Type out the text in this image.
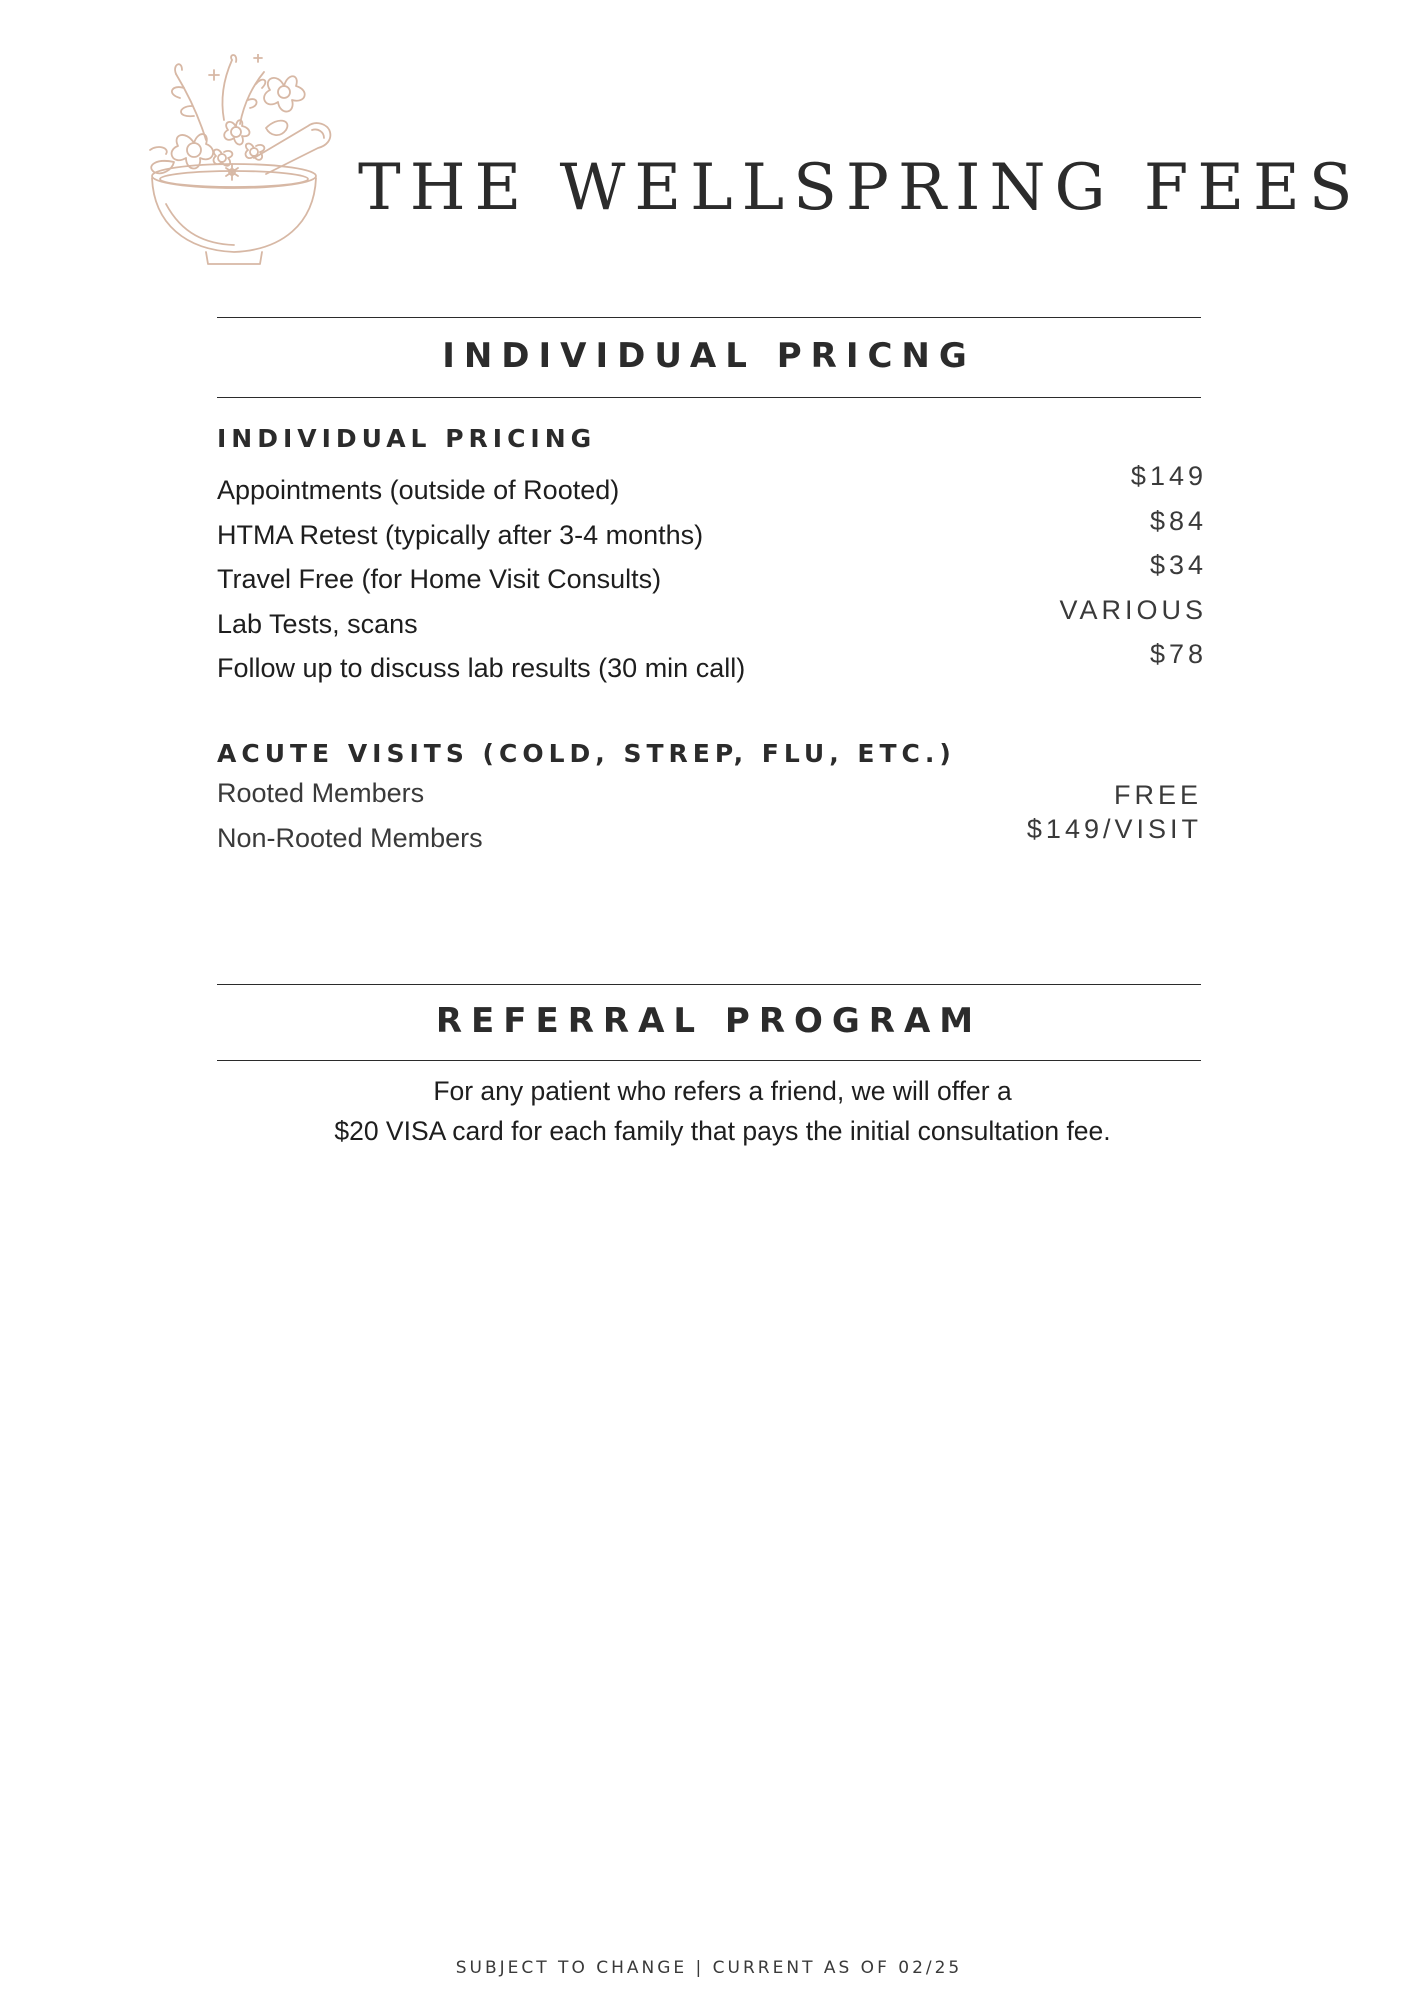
THE WELLSPRING FEES
INDIVIDUAL PRICNG
INDIVIDUAL PRICING
Appointments (outside of Rooted)	$149
HTMA Retest (typically after 3-4 months)	$84
Travel Free (for Home Visit Consults)	$34
Lab Tests, scans	VARIOUS
Follow up to discuss lab results (30 min call)	$78
ACUTE VISITS (COLD, STREP, FLU, ETC.)
Rooted Members	FREE
Non-Rooted Members	$149/VISIT
REFERRAL PROGRAM
For any patient who refers a friend, we will offer a
$20 VISA card for each family that pays the initial consultation fee.
SUBJECT TO CHANGE | CURRENT AS OF 02/25
